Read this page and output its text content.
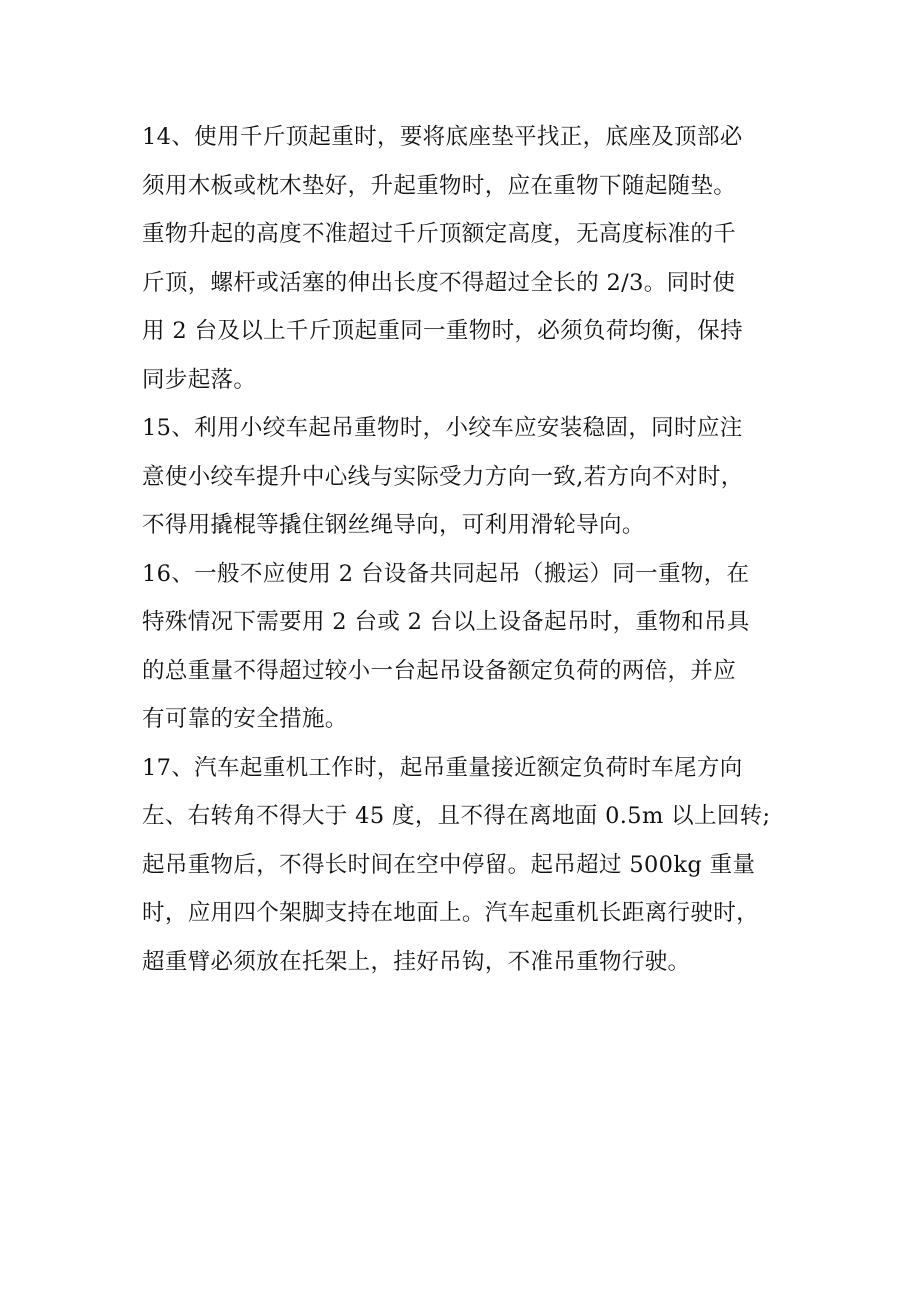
14、使用千斤顶起重时，要将底座垫平找正，底座及顶部必
须用木板或枕木垫好，升起重物时，应在重物下随起随垫。
重物升起的高度不准超过千斤顶额定高度，无高度标准的千
斤顶，螺杆或活塞的伸出长度不得超过全长的 2/3。同时使
用 2 台及以上千斤顶起重同一重物时，必须负荷均衡，保持
同步起落。
15、利用小绞车起吊重物时，小绞车应安装稳固，同时应注
意使小绞车提升中心线与实际受力方向一致,若方向不对时，
不得用撬棍等撬住钢丝绳导向，可利用滑轮导向。
16、一般不应使用 2 台设备共同起吊（搬运）同一重物，在
特殊情况下需要用 2 台或 2 台以上设备起吊时，重物和吊具
的总重量不得超过较小一台起吊设备额定负荷的两倍，并应
有可靠的安全措施。
17、汽车起重机工作时，起吊重量接近额定负荷时车尾方向
左、右转角不得大于 45 度，且不得在离地面 0.5m 以上回转;
起吊重物后，不得长时间在空中停留。起吊超过 500kg 重量
时，应用四个架脚支持在地面上。汽车起重机长距离行驶时，
超重臂必须放在托架上，挂好吊钩，不准吊重物行驶。
